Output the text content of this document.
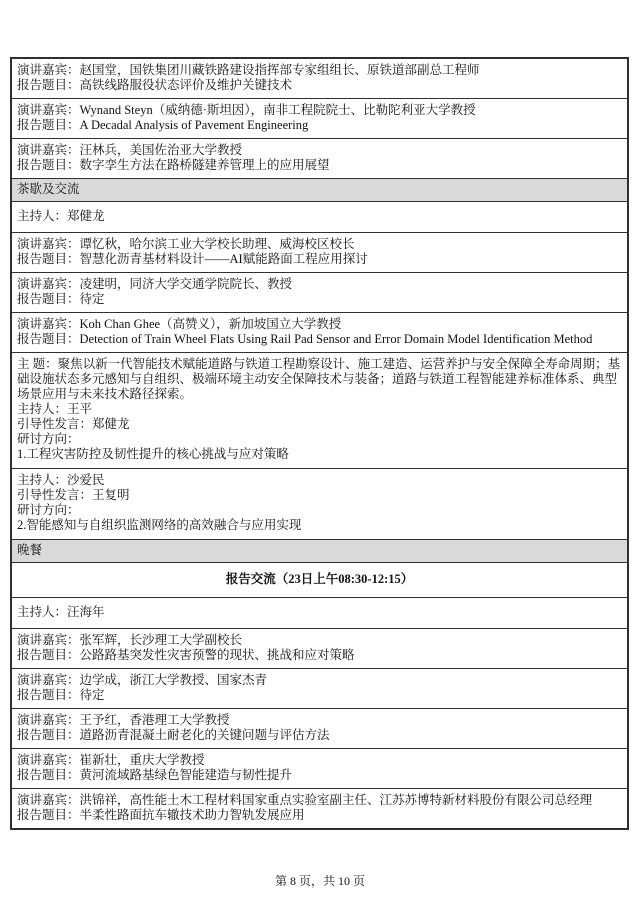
演讲嘉宾：赵国堂，国铁集团川藏铁路建设指挥部专家组组长、原铁道部副总工程师
报告题目：高铁线路服役状态评价及维护关键技术
演讲嘉宾：Wynand Steyn（威纳德·斯坦因），南非工程院院士、比勒陀利亚大学教授
报告题目：A Decadal Analysis of Pavement Engineering
演讲嘉宾：汪林兵，美国佐治亚大学教授
报告题目：数字孪生方法在路桥隧建养管理上的应用展望
茶歇及交流
主持人：郑健龙
演讲嘉宾：谭忆秋，哈尔滨工业大学校长助理、威海校区校长
报告题目：智慧化沥青基材料设计——AI赋能路面工程应用探讨
演讲嘉宾：凌建明，同济大学交通学院院长、教授
报告题目：待定
演讲嘉宾：Koh Chan Ghee（高赞义），新加坡国立大学教授
报告题目：Detection of Train Wheel Flats Using Rail Pad Sensor and Error Domain Model Identification Method
主 题：聚焦以新一代智能技术赋能道路与铁道工程勘察设计、施工建造、运营养护与安全保障全寿命周期；基础设施状态多元感知与自组织、极端环境主动安全保障技术与装备；道路与铁道工程智能建养标准体系、典型场景应用与未来技术路径探索。
主持人：王平
引导性发言：郑健龙
研讨方向：
1.工程灾害防控及韧性提升的核心挑战与应对策略
主持人：沙爱民
引导性发言：王复明
研讨方向：
2.智能感知与自组织监测网络的高效融合与应用实现
晚餐
报告交流（23日上午08:30-12:15）
主持人：汪海年
演讲嘉宾：张军辉，长沙理工大学副校长
报告题目：公路路基突发性灾害预警的现状、挑战和应对策略
演讲嘉宾：边学成，浙江大学教授、国家杰青
报告题目：待定
演讲嘉宾：王予红，香港理工大学教授
报告题目：道路沥青混凝土耐老化的关键问题与评估方法
演讲嘉宾：崔新壮，重庆大学教授
报告题目：黄河流域路基绿色智能建造与韧性提升
演讲嘉宾：洪锦祥，高性能土木工程材料国家重点实验室副主任、江苏苏博特新材料股份有限公司总经理
报告题目：半柔性路面抗车辙技术助力智轨发展应用
第 8 页，共 10 页
